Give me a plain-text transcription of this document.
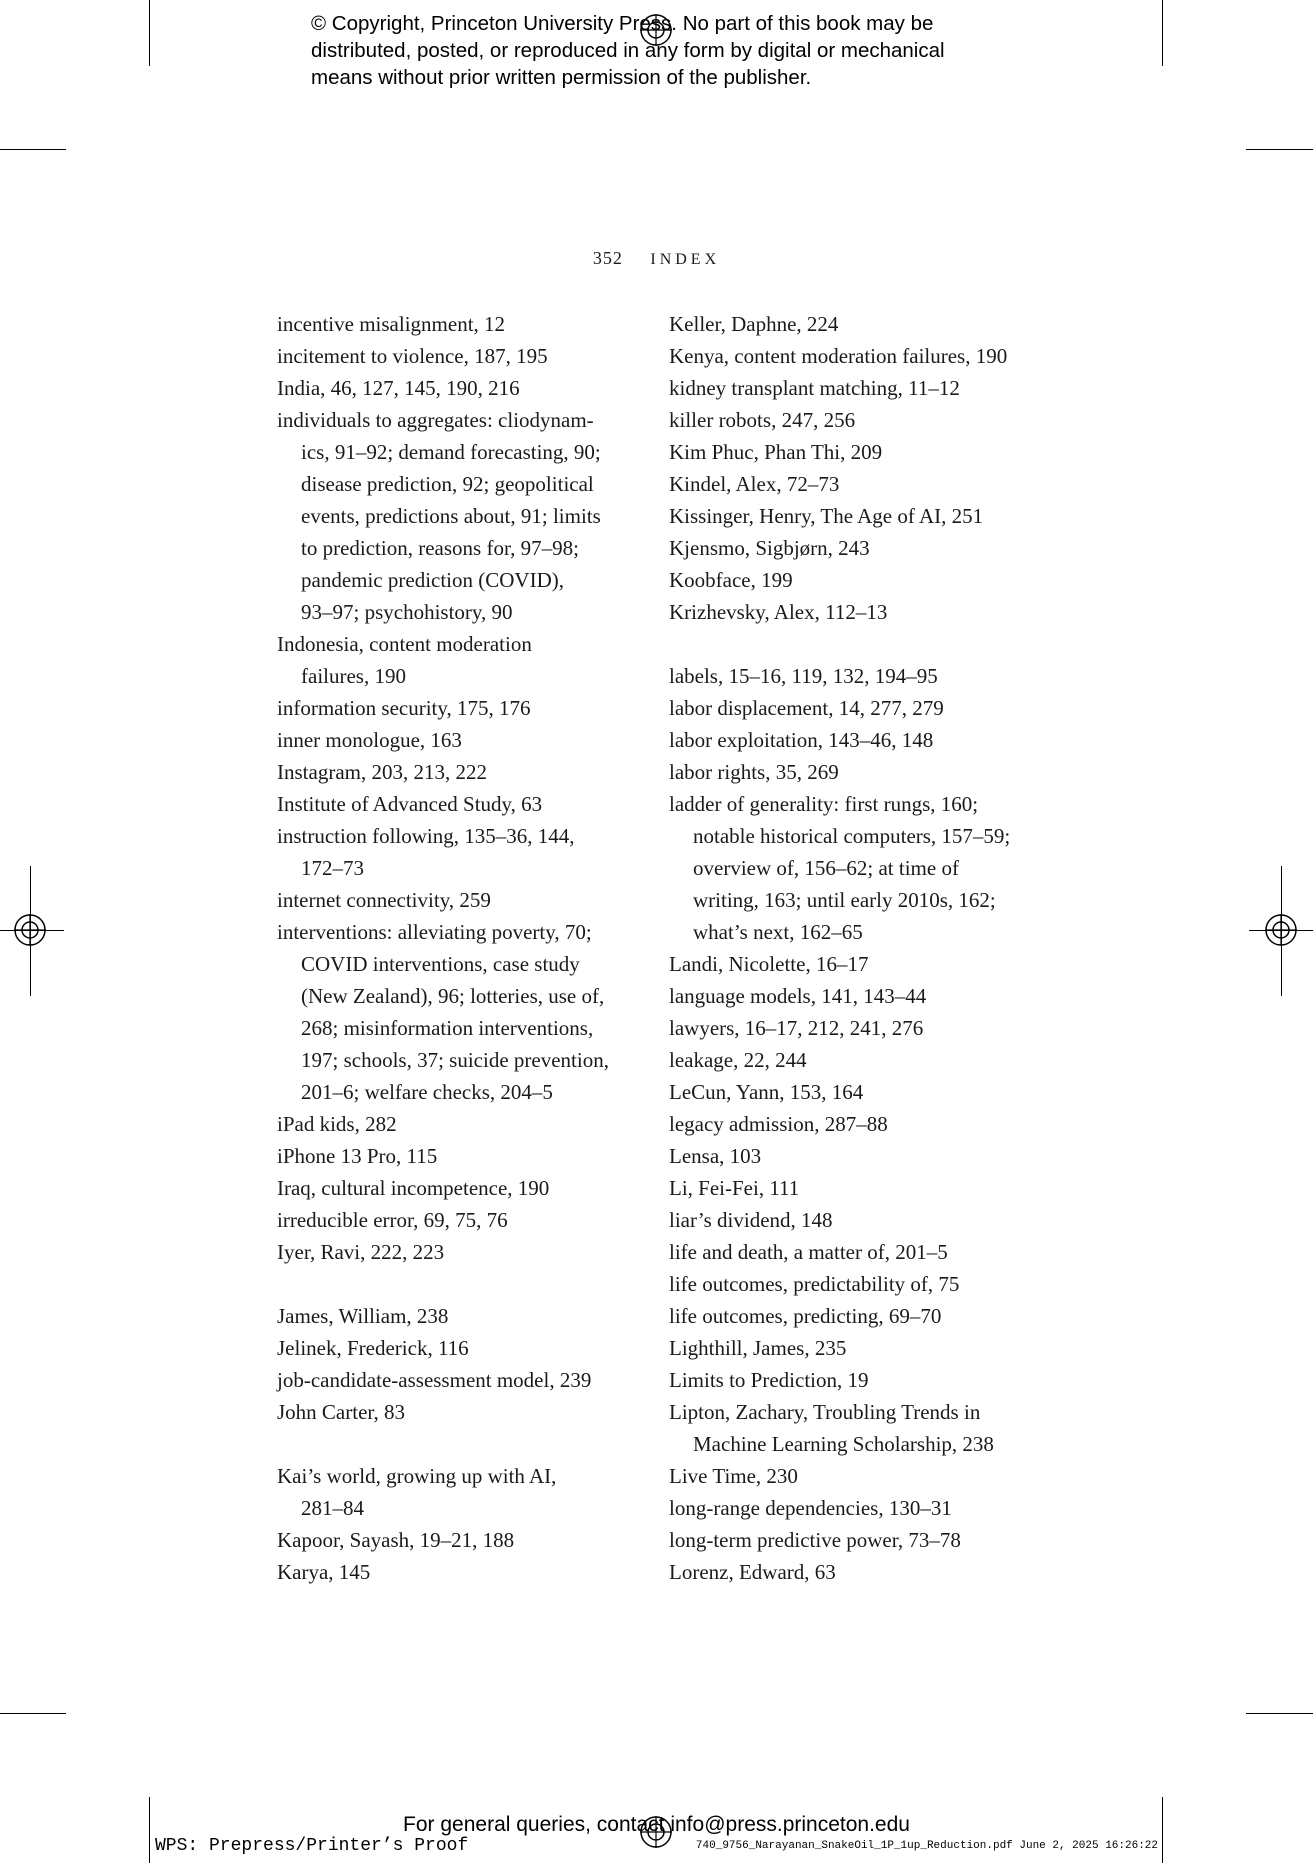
© Copyright, Princeton University Press. No part of this book may be
distributed, posted, or reproduced in any form by digital or mechanical
means without prior written permission of the publisher.
352 INDEX
incentive misalignment, 12
incitement to violence, 187, 195
India, 46, 127, 145, 190, 216
individuals to aggregates: cliodynam-
ics, 91–92; demand forecasting, 90;
disease prediction, 92; geopolitical
events, predictions about, 91; limits
to prediction, reasons for, 97–98;
pandemic prediction (COVID),
93–97; psychohistory, 90
Indonesia, content moderation
failures, 190
information security, 175, 176
inner monologue, 163
Instagram, 203, 213, 222
Institute of Advanced Study, 63
instruction following, 135–36, 144,
172–73
internet connectivity, 259
interventions: alleviating poverty, 70;
COVID interventions, case study
(New Zealand), 96; lotteries, use of,
268; misinformation interventions,
197; schools, 37; suicide prevention,
201–6; welfare checks, 204–5
iPad kids, 282
iPhone 13 Pro, 115
Iraq, cultural incompetence, 190
irreducible error, 69, 75, 76
Iyer, Ravi, 222, 223
James, William, 238
Jelinek, Frederick, 116
job-candidate-assessment model, 239
John Carter, 83
Kai’s world, growing up with AI,
281–84
Kapoor, Sayash, 19–21, 188
Karya, 145
Keller, Daphne, 224
Kenya, content moderation failures, 190
kidney transplant matching, 11–12
killer robots, 247, 256
Kim Phuc, Phan Thi, 209
Kindel, Alex, 72–73
Kissinger, Henry, The Age of AI, 251
Kjensmo, Sigbjørn, 243
Koobface, 199
Krizhevsky, Alex, 112–13
labels, 15–16, 119, 132, 194–95
labor displacement, 14, 277, 279
labor exploitation, 143–46, 148
labor rights, 35, 269
ladder of generality: first rungs, 160;
notable historical computers, 157–59;
overview of, 156–62; at time of
writing, 163; until early 2010s, 162;
what’s next, 162–65
Landi, Nicolette, 16–17
language models, 141, 143–44
lawyers, 16–17, 212, 241, 276
leakage, 22, 244
LeCun, Yann, 153, 164
legacy admission, 287–88
Lensa, 103
Li, Fei-Fei, 111
liar’s dividend, 148
life and death, a matter of, 201–5
life outcomes, predictability of, 75
life outcomes, predicting, 69–70
Lighthill, James, 235
Limits to Prediction, 19
Lipton, Zachary, Troubling Trends in
Machine Learning Scholarship, 238
Live Time, 230
long-range dependencies, 130–31
long-term predictive power, 73–78
Lorenz, Edward, 63
For general queries, contact info@press.princeton.edu
WPS: Prepress/Printer’s Proof	740_9756_Narayanan_SnakeOil_1P_1up_Reduction.pdf June 2, 2025 16:26:22
